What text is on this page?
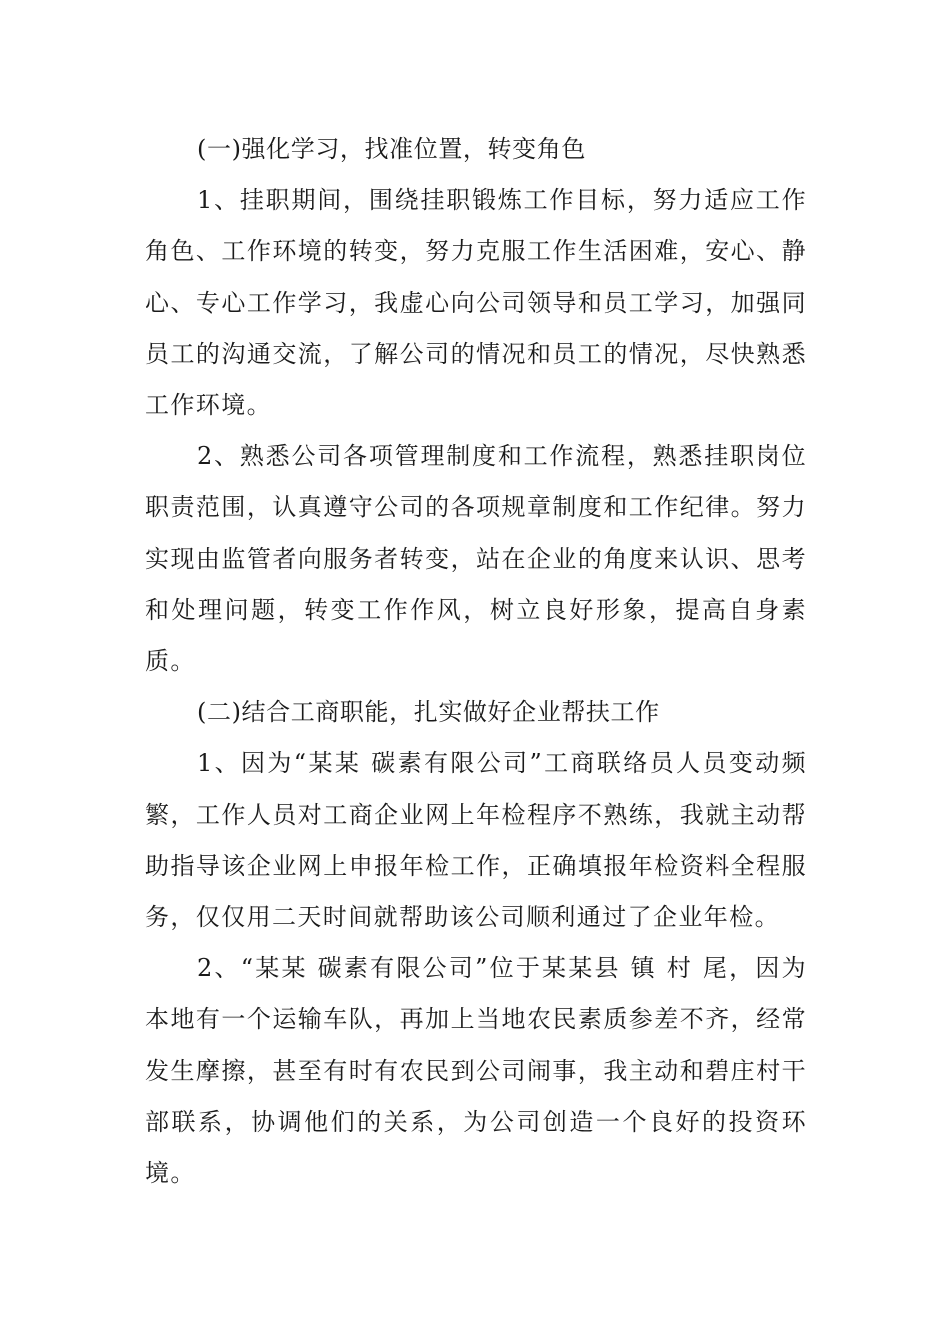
(一)强化学习，找准位置，转变角色

1、挂职期间，围绕挂职锻炼工作目标，努力适应工作角色、工作环境的转变，努力克服工作生活困难，安心、静心、专心工作学习，我虚心向公司领导和员工学习，加强同员工的沟通交流，了解公司的情况和员工的情况，尽快熟悉工作环境。

2、熟悉公司各项管理制度和工作流程，熟悉挂职岗位职责范围，认真遵守公司的各项规章制度和工作纪律。努力实现由监管者向服务者转变，站在企业的角度来认识、思考和处理问题，转变工作作风，树立良好形象，提高自身素质。

(二)结合工商职能，扎实做好企业帮扶工作

1、因为“某某 碳素有限公司”工商联络员人员变动频繁，工作人员对工商企业网上年检程序不熟练，我就主动帮助指导该企业网上申报年检工作，正确填报年检资料全程服务，仅仅用二天时间就帮助该公司顺利通过了企业年检。

2、“某某 碳素有限公司”位于某某县 镇 村 尾，因为本地有一个运输车队，再加上当地农民素质参差不齐，经常发生摩擦，甚至有时有农民到公司闹事，我主动和碧庄村干部联系，协调他们的关系，为公司创造一个良好的投资环境。
